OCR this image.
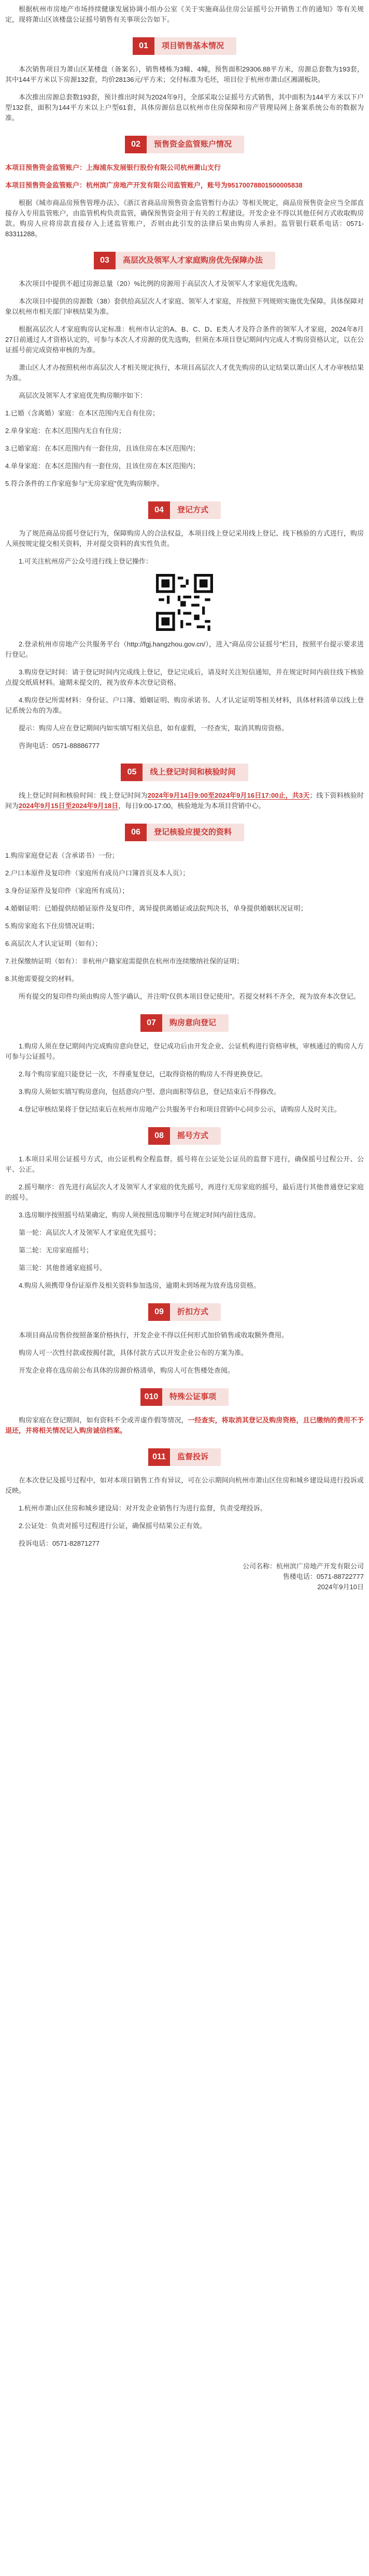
根据杭州市房地产市场持续健康发展协调小组办公室《关于实施商品住房公证摇号公开销售工作的通知》等有关规定，现将萧山区该楼盘公证摇号销售有关事项公告如下。

01 项目销售基本情况

本次销售项目为萧山区某楼盘（备案名），销售楼栋为3幢、4幢，预售面积29306.88平方米，房源总套数为193套，其中144平方米以下房源132套，均价28136元/平方米；交付标准为毛坯，项目位于杭州市萧山区湘湖板块。

本次推出房源总套数193套，预计推出时间为2024年9月，全部采取公证摇号方式销售，其中面积为144平方米以下户型132套，面积为144平方米以上户型61套，具体房源信息以杭州市住房保障和房产管理局网上备案系统公布的数据为准。

02 预售资金监管账户情况

本项目预售资金监管账户：上海浦东发展银行股份有限公司杭州萧山支行

本项目预售资金监管账户：杭州滨广房地产开发有限公司监管账户，账号为95170078801500005838

根据《城市商品房预售管理办法》、《浙江省商品房预售资金监管暂行办法》等相关规定，商品房预售资金应当全部直接存入专用监管账户，由监管机构负责监管，确保预售资金用于有关的工程建设。开发企业不得以其他任何方式收取购房款。购房人应将房款直接存入上述监管账户，否则由此引发的法律后果由购房人承担。监管银行联系电话：0571-83311288。

03 高层次及领军人才家庭购房优先保障办法

本次项目中提供不超过房源总量（20）%比例的房源用于高层次人才及领军人才家庭优先选购。

本次项目中提供的房源数（38）套供给高层次人才家庭、领军人才家庭，并按照下列规则实施优先保障。具体保障对象以杭州市相关部门审核结果为准。

根据高层次人才家庭购房认定标准：杭州市认定的A、B、C、D、E类人才及符合条件的领军人才家庭，2024年8月27日前通过人才资格认定的，可参与本次人才房源的优先选购，但须在本项目登记期间内完成人才购房资格认定，以在公证摇号前完成资格审核的为准。

萧山区人才办按照杭州市高层次人才相关规定执行，本项目高层次人才优先购房的认定结果以萧山区人才办审核结果为准。

高层次及领军人才家庭优先购房顺序如下：

1.已婚（含离婚）家庭：在本区范围内无自有住房；

2.单身家庭：在本区范围内无自有住房；

3.已婚家庭：在本区范围内有一套住房，且该住房在本区范围内；

4.单身家庭：在本区范围内有一套住房，且该住房在本区范围内；

5.符合条件的工作家庭参与“无房家庭”优先购房顺序。

04 登记方式

为了规范商品房摇号登记行为，保障购房人的合法权益，本项目线上登记采用线上登记、线下核验的方式进行，购房人须按规定提交相关资料，并对提交资料的真实性负责。

1.可关注杭州房产公众号进行线上登记操作：

2.登录杭州市房地产公共服务平台（http://fgj.hangzhou.gov.cn/），进入“商品房公证摇号”栏目，按照平台提示要求进行登记。

3.购房登记时间：请于登记时间内完成线上登记，登记完成后，请及时关注短信通知，并在规定时间内前往线下核验点提交纸质材料。逾期未提交的，视为放弃本次登记资格。

4.购房登记所需材料：身份证、户口簿、婚姻证明、购房承诺书、人才认定证明等相关材料，具体材料清单以线上登记系统公布的为准。

提示：购房人应在登记期间内如实填写相关信息，如有虚假，一经查实，取消其购房资格。

咨询电话：0571-88886777

05 线上登记时间和核验时间

线上登记时间和核验时间：线上登记时间为2024年9月14日9:00至2024年9月16日17:00止，共3天；线下资料核验时间为2024年9月15日至2024年9月18日，每日9:00-17:00，核验地址为本项目营销中心。

06 登记核验应提交的资料

1.购房家庭登记表（含承诺书）一份；

2.户口本原件及复印件（家庭所有成员户口簿首页及本人页）；

3.身份证原件及复印件（家庭所有成员）；

4.婚姻证明：已婚提供结婚证原件及复印件，离异提供离婚证或法院判决书，单身提供婚姻状况证明；

5.购房家庭名下住房情况证明；

6.高层次人才认定证明（如有）；

7.社保缴纳证明（如有）：非杭州户籍家庭需提供在杭州市连续缴纳社保的证明；

8.其他需要提交的材料。

所有提交的复印件均须由购房人签字确认，并注明“仅供本项目登记使用”。若提交材料不齐全，视为放弃本次登记。

07 购房意向登记

1.购房人须在登记期间内完成购房意向登记，登记成功后由开发企业、公证机构进行资格审核，审核通过的购房人方可参与公证摇号。

2.每个购房家庭只能登记一次，不得重复登记，已取得资格的购房人不得更换登记。

3.购房人须如实填写购房意向，包括意向户型、意向面积等信息，登记结束后不得修改。

4.登记审核结果将于登记结束后在杭州市房地产公共服务平台和项目营销中心同步公示，请购房人及时关注。

08 摇号方式

1.本项目采用公证摇号方式，由公证机构全程监督。摇号将在公证处公证员的监督下进行，确保摇号过程公开、公平、公正。

2.摇号顺序：首先进行高层次人才及领军人才家庭的优先摇号，再进行无房家庭的摇号，最后进行其他普通登记家庭的摇号。

3.选房顺序按照摇号结果确定，购房人须按照选房顺序号在规定时间内前往选房。

第一轮：高层次人才及领军人才家庭优先摇号；

第二轮：无房家庭摇号；

第三轮：其他普通家庭摇号。

4.购房人须携带身份证原件及相关资料参加选房，逾期未到场视为放弃选房资格。

09 折扣方式

本项目商品房售价按照备案价格执行，开发企业不得以任何形式加价销售或收取额外费用。

购房人可一次性付款或按揭付款，具体付款方式以开发企业公布的方案为准。

开发企业将在选房前公布具体的房源价格清单，购房人可在售楼处查阅。

010 特殊公证事项

购房家庭在登记期间，如有资料不全或弄虚作假等情况，一经查实，将取消其登记及购房资格，且已缴纳的费用不予退还，并将相关情况记入购房诚信档案。

011 监督投诉

在本次登记及摇号过程中，如对本项目销售工作有异议，可在公示期间向杭州市萧山区住房和城乡建设局进行投诉或反映。

1.杭州市萧山区住房和城乡建设局：对开发企业销售行为进行监督，负责受理投诉。

2.公证处：负责对摇号过程进行公证，确保摇号结果公正有效。

投诉电话：0571-82871277

公司名称：杭州滨广房地产开发有限公司

售楼电话：0571-88722777

2024年9月10日
